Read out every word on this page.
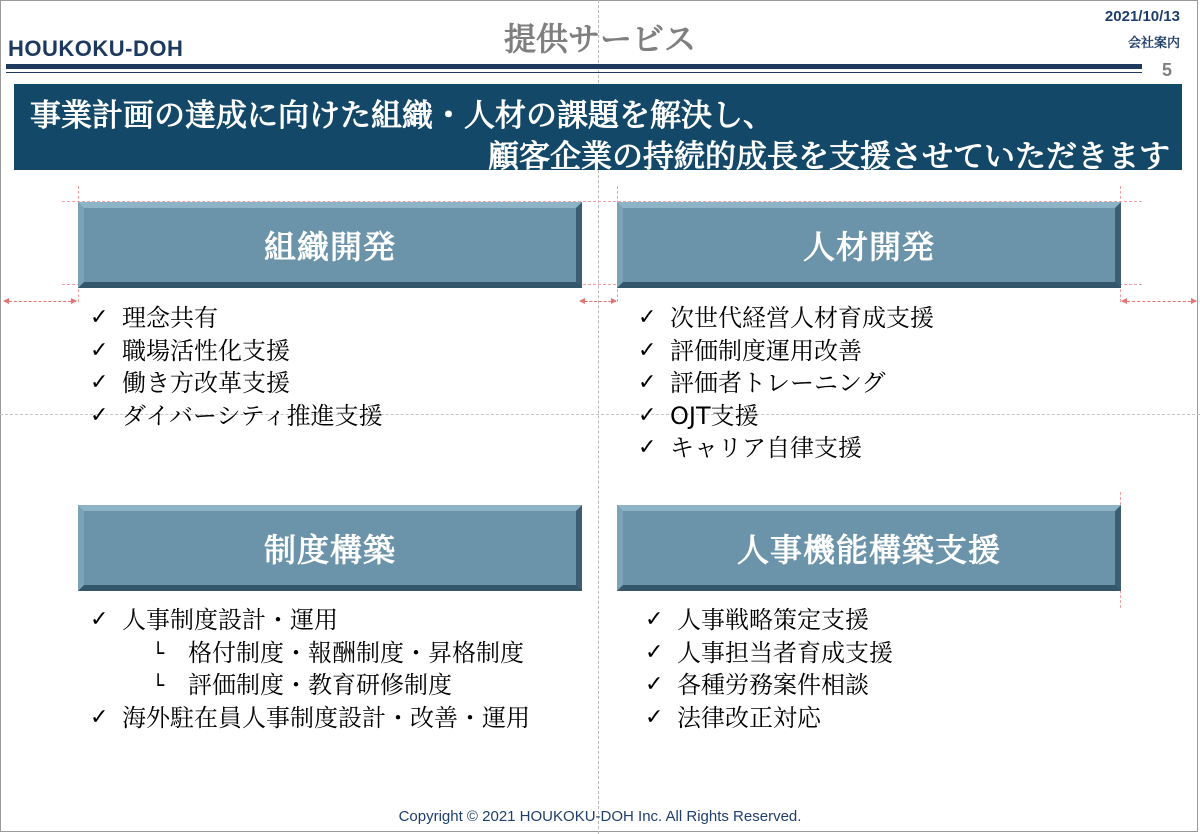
HOUKOKU-DOH	提供サービス
2021/10/13
会社案内
5
事業計画の達成に向けた組織・人材の課題を解決し、
顧客企業の持続的成長を支援させていただきます
組織開発	人材開発
制度構築	人事機能構築支援
✓ 理念共有
✓ 職場活性化支援
✓ 働き方改革支援
✓ ダイバーシティ推進支援
✓ 次世代経営人材育成支援
✓ 評価制度運用改善
✓ 評価者トレーニング
✓ OJT支援
✓ キャリア自律支援
✓ 人事制度設計・運用
└ 格付制度・報酬制度・昇格制度
└ 評価制度・教育研修制度
✓ 海外駐在員人事制度設計・改善・運用
✓ 人事戦略策定支援
✓ 人事担当者育成支援
✓ 各種労務案件相談
✓ 法律改正対応
Copyright © 2021 HOUKOKU-DOH Inc. All Rights Reserved.
